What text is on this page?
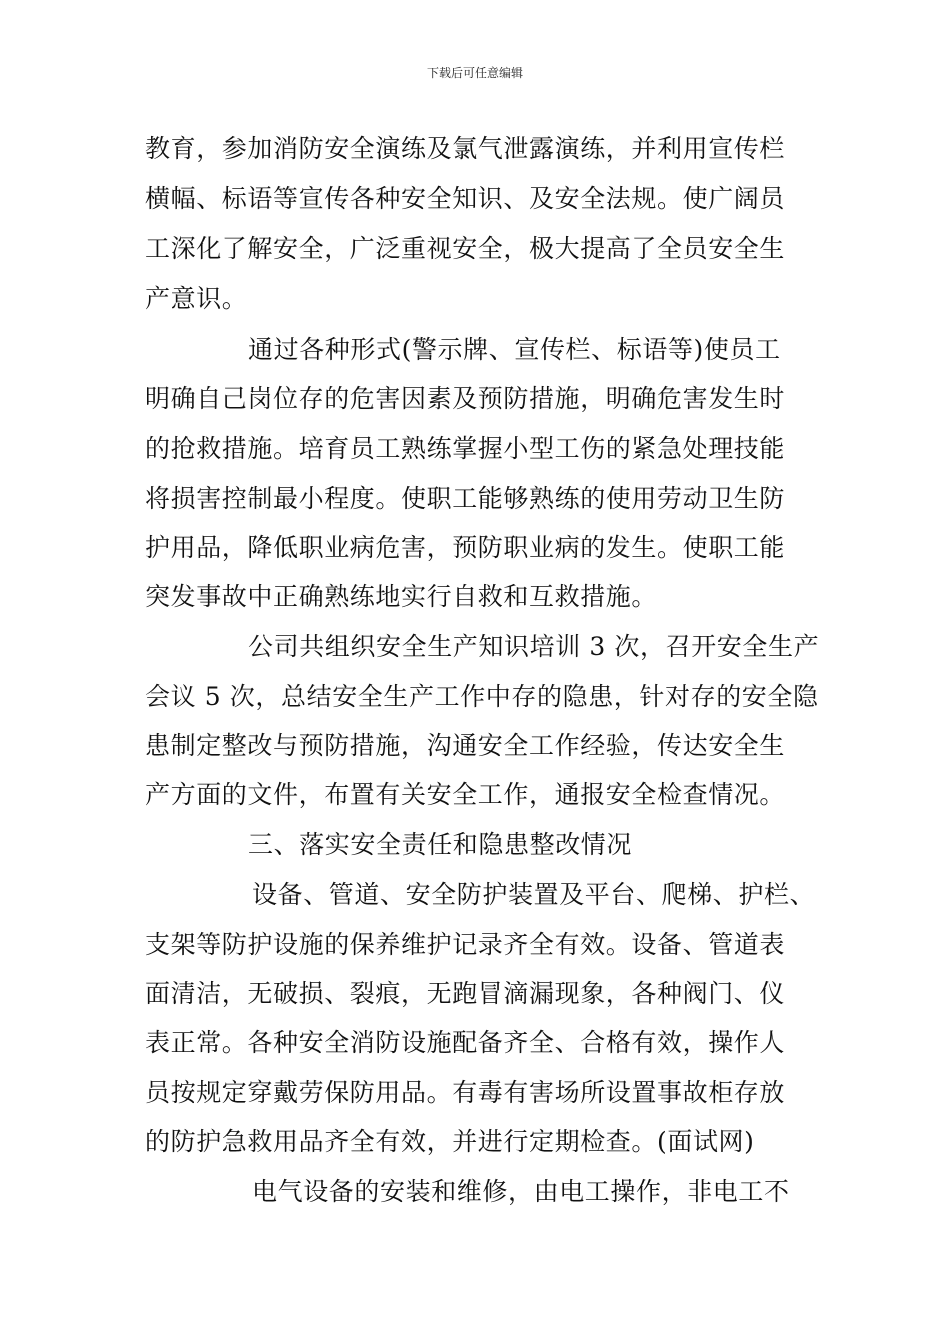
下载后可任意编辑
教育，参加消防安全演练及氯气泄露演练，并利用宣传栏
横幅、标语等宣传各种安全知识、及安全法规。使广阔员
工深化了解安全，广泛重视安全，极大提高了全员安全生
产意识。
通过各种形式(警示牌、宣传栏、标语等)使员工
明确自己岗位存的危害因素及预防措施，明确危害发生时
的抢救措施。培育员工熟练掌握小型工伤的紧急处理技能
将损害控制最小程度。使职工能够熟练的使用劳动卫生防
护用品，降低职业病危害，预防职业病的发生。使职工能
突发事故中正确熟练地实行自救和互救措施。
公司共组织安全生产知识培训 3 次，召开安全生产
会议 5 次，总结安全生产工作中存的隐患，针对存的安全隐
患制定整改与预防措施，沟通安全工作经验，传达安全生
产方面的文件，布置有关安全工作，通报安全检查情况。
三、落实安全责任和隐患整改情况
设备、管道、安全防护装置及平台、爬梯、护栏、
支架等防护设施的保养维护记录齐全有效。设备、管道表
面清洁，无破损、裂痕，无跑冒滴漏现象，各种阀门、仪
表正常。各种安全消防设施配备齐全、合格有效，操作人
员按规定穿戴劳保防用品。有毒有害场所设置事故柜存放
的防护急救用品齐全有效，并进行定期检查。(面试网)
电气设备的安装和维修，由电工操作，非电工不
